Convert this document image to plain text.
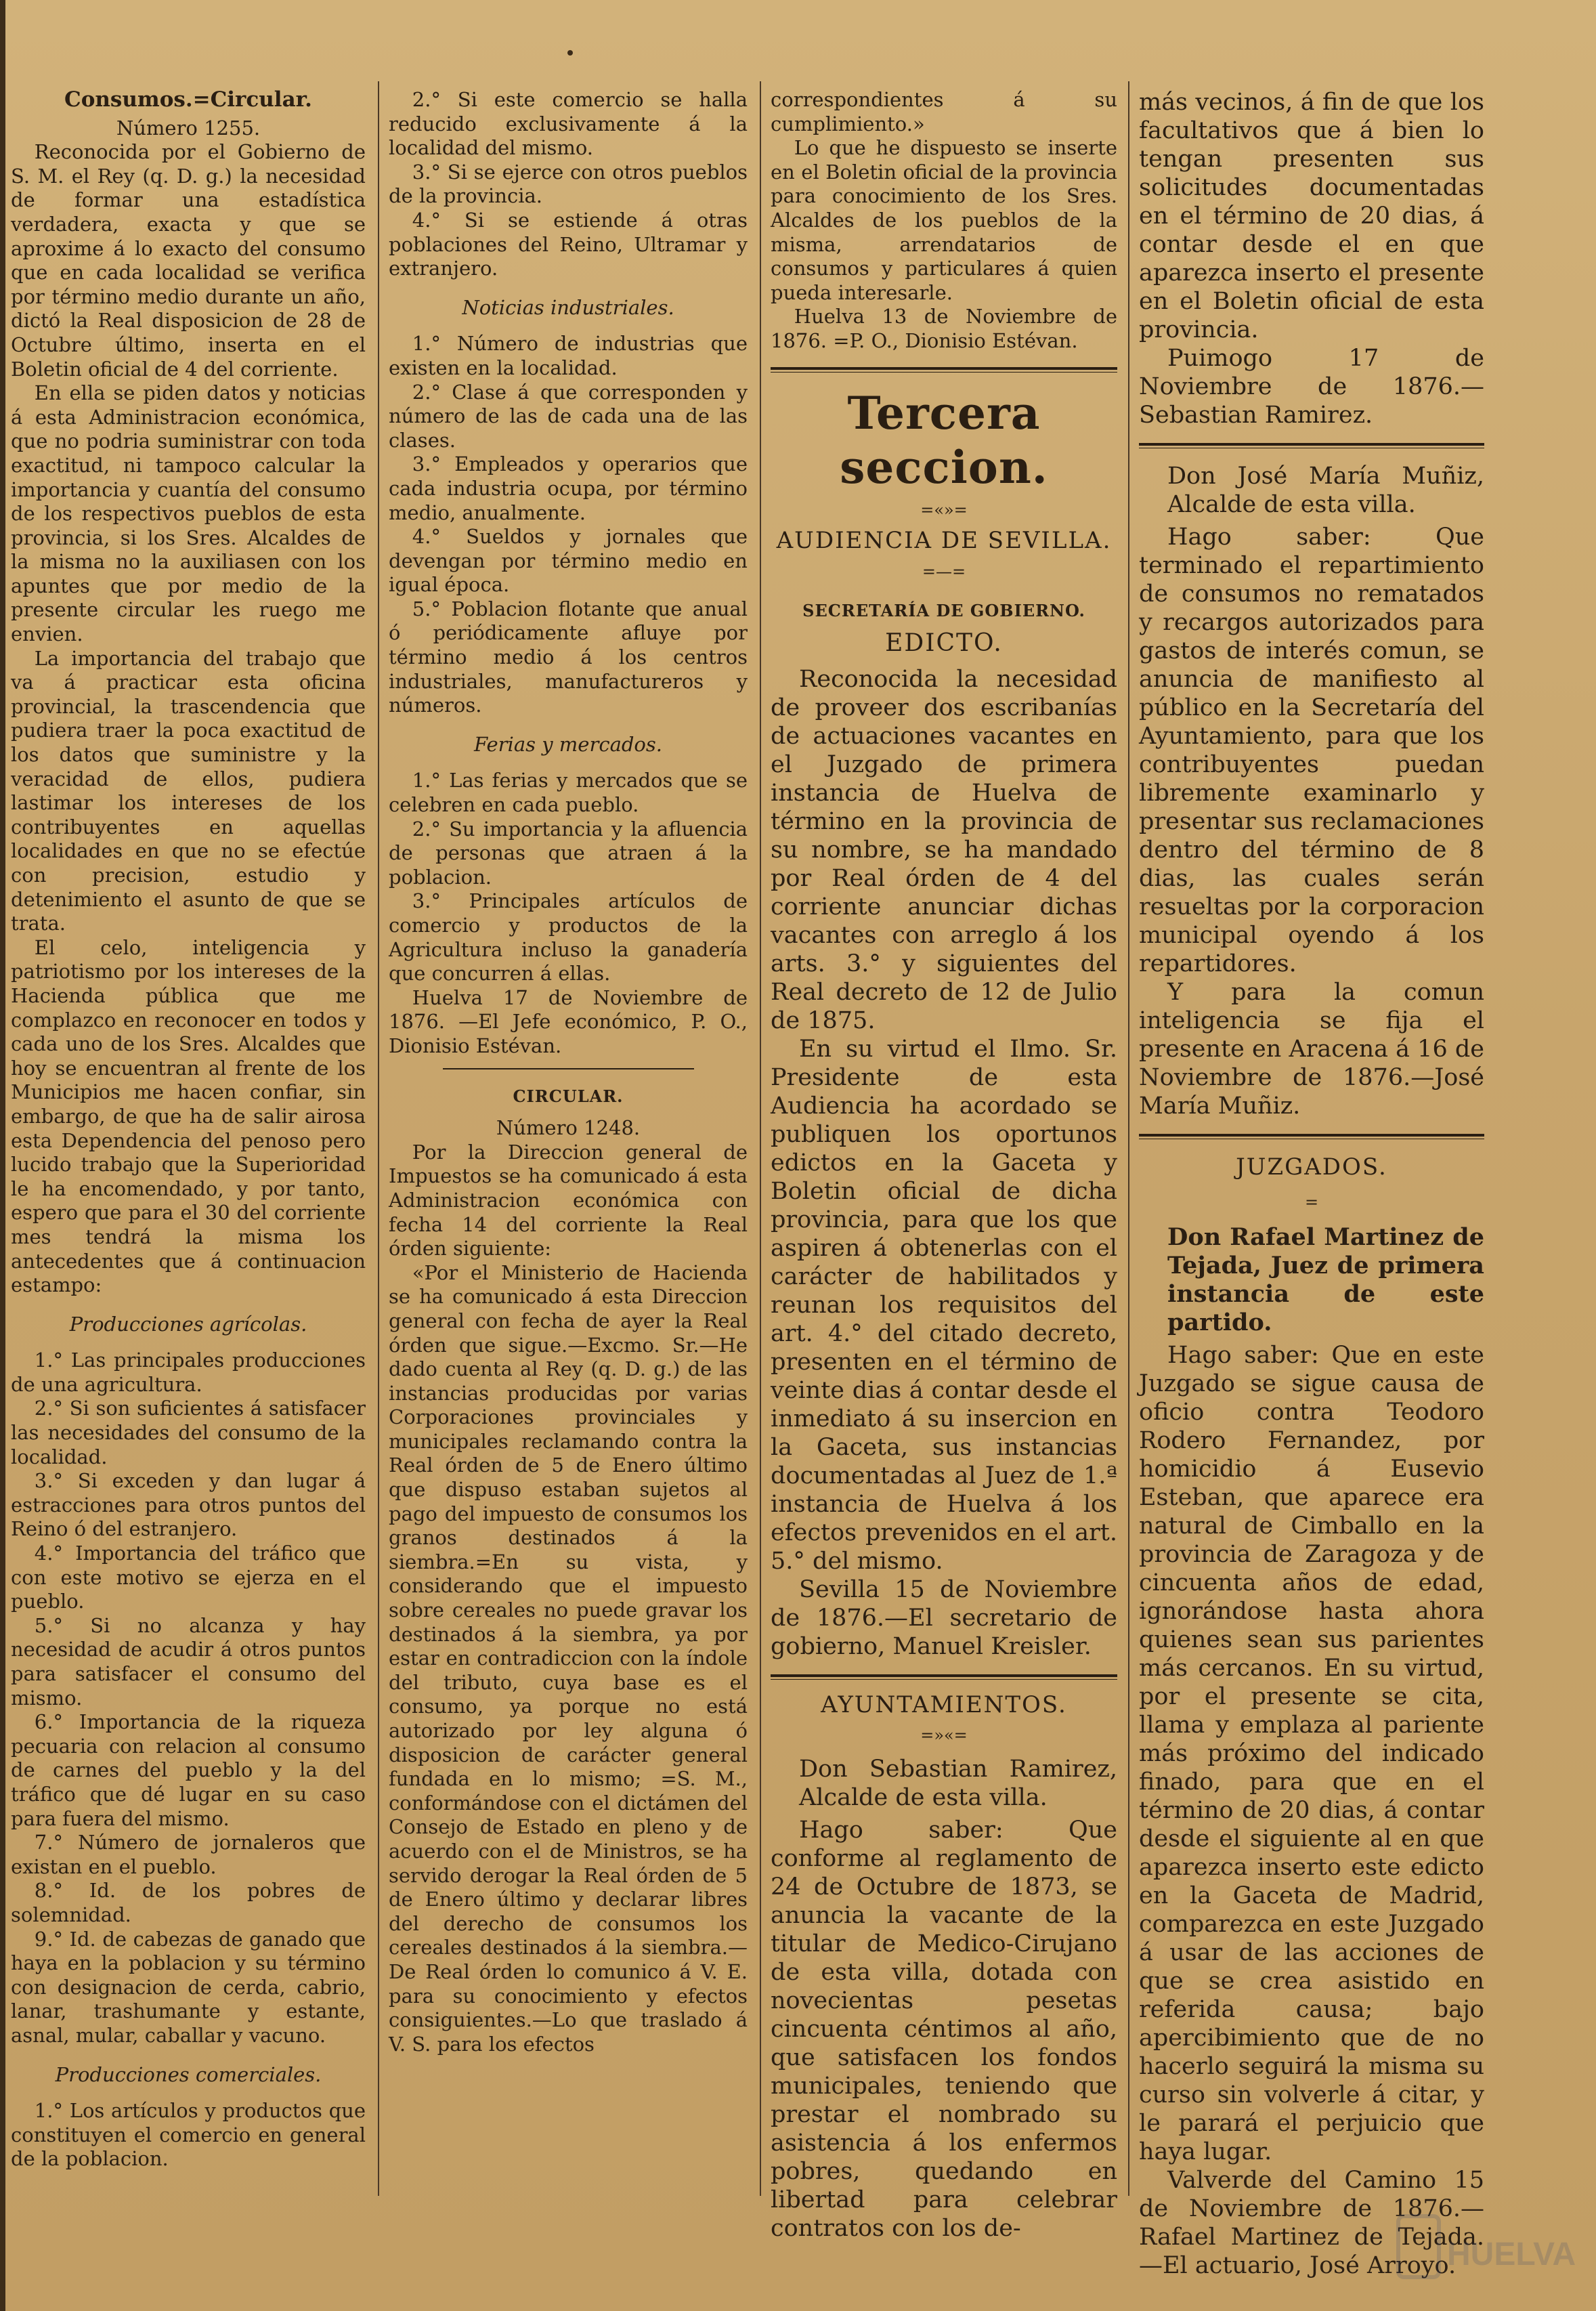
Consumos.=Circular.

Número 1255.

Reconocida por el Gobierno de S. M. el Rey (q. D. g.) la necesidad de formar una estadística verdadera, exacta y que se aproxime á lo exacto del consumo que en cada localidad se verifica por término medio durante un año, dictó la Real disposicion de 28 de Octubre último, inserta en el Boletin oficial de 4 del corriente.

En ella se piden datos y noticias á esta Administracion económica, que no podria suministrar con toda exactitud, ni tampoco calcular la importancia y cuantía del consumo de los respectivos pueblos de esta provincia, si los Sres. Alcaldes de la misma no la auxiliasen con los apuntes que por medio de la presente circular les ruego me envien.

La importancia del trabajo que va á practicar esta oficina provincial, la trascendencia que pudiera traer la poca exactitud de los datos que suministre y la veracidad de ellos, pudiera lastimar los intereses de los contribuyentes en aquellas localidades en que no se efectúe con precision, estudio y detenimiento el asunto de que se trata.

El celo, inteligencia y patriotismo por los intereses de la Hacienda pública que me complazco en reconocer en todos y cada uno de los Sres. Alcaldes que hoy se encuentran al frente de los Municipios me hacen confiar, sin embargo, de que ha de salir airosa esta Dependencia del penoso pero lucido trabajo que la Superioridad le ha encomendado, y por tanto, espero que para el 30 del corriente mes tendrá la misma los antecedentes que á continuacion estampo:

Producciones agrícolas.

1.° Las principales producciones de una agricultura.

2.° Si son suficientes á satisfacer las necesidades del consumo de la localidad.

3.° Si exceden y dan lugar á estracciones para otros puntos del Reino ó del estranjero.

4.° Importancia del tráfico que con este motivo se ejerza en el pueblo.

5.° Si no alcanza y hay necesidad de acudir á otros puntos para satisfacer el consumo del mismo.

6.° Importancia de la riqueza pecuaria con relacion al consumo de carnes del pueblo y la del tráfico que dé lugar en su caso para fuera del mismo.

7.° Número de jornaleros que existan en el pueblo.

8.° Id. de los pobres de solemnidad.

9.° Id. de cabezas de ganado que haya en la poblacion y su término con designacion de cerda, cabrio, lanar, trashumante y estante, asnal, mular, caballar y vacuno.

Producciones comerciales.

1.° Los artículos y productos que constituyen el comercio en general de la poblacion.

2.° Si este comercio se halla reducido exclusivamente á la localidad del mismo.

3.° Si se ejerce con otros pueblos de la provincia.

4.° Si se estiende á otras poblaciones del Reino, Ultramar y extranjero.

Noticias industriales.

1.° Número de industrias que existen en la localidad.

2.° Clase á que corresponden y número de las de cada una de las clases.

3.° Empleados y operarios que cada industria ocupa, por término medio, anualmente.

4.° Sueldos y jornales que devengan por término medio en igual época.

5.° Poblacion flotante que anual ó periódicamente afluye por término medio á los centros industriales, manufactureros y números.

Ferias y mercados.

1.° Las ferias y mercados que se celebren en cada pueblo.

2.° Su importancia y la afluencia de personas que atraen á la poblacion.

3.° Principales artículos de comercio y productos de la Agricultura incluso la ganadería que concurren á ellas.

Huelva 17 de Noviembre de 1876. —El Jefe económico, P. O., Dionisio Estévan.

CIRCULAR.

Número 1248.

Por la Direccion general de Impuestos se ha comunicado á esta Administracion económica con fecha 14 del corriente la Real órden siguiente:

«Por el Ministerio de Hacienda se ha comunicado á esta Direccion general con fecha de ayer la Real órden que sigue.—Excmo. Sr.—He dado cuenta al Rey (q. D. g.) de las instancias producidas por varias Corporaciones provinciales y municipales reclamando contra la Real órden de 5 de Enero último que dispuso estaban sujetos al pago del impuesto de consumos los granos destinados á la siembra.=En su vista, y considerando que el impuesto sobre cereales no puede gravar los destinados á la siembra, ya por estar en contradiccion con la índole del tributo, cuya base es el consumo, ya porque no está autorizado por ley alguna ó disposicion de carácter general fundada en lo mismo; =S. M., conformándose con el dictámen del Consejo de Estado en pleno y de acuerdo con el de Ministros, se ha servido derogar la Real órden de 5 de Enero último y declarar libres del derecho de consumos los cereales destinados á la siembra.—De Real órden lo comunico á V. E. para su conocimiento y efectos consiguientes.—Lo que traslado á V. S. para los efectos

correspondientes á su cumplimiento.»

Lo que he dispuesto se inserte en el Boletin oficial de la provincia para conocimiento de los Sres. Alcaldes de los pueblos de la misma, arrendatarios de consumos y particulares á quien pueda interesarle.

Huelva 13 de Noviembre de 1876. =P. O., Dionisio Estévan.

Tercera seccion.
=«»=
AUDIENCIA DE SEVILLA.
=—=
SECRETARÍA DE GOBIERNO.
EDICTO.

Reconocida la necesidad de proveer dos escribanías de actuaciones vacantes en el Juzgado de primera instancia de Huelva de término en la provincia de su nombre, se ha mandado por Real órden de 4 del corriente anunciar dichas vacantes con arreglo á los arts. 3.° y siguientes del Real decreto de 12 de Julio de 1875.

En su virtud el Ilmo. Sr. Presidente de esta Audiencia ha acordado se publiquen los oportunos edictos en la Gaceta y Boletin oficial de dicha provincia, para que los que aspiren á obtenerlas con el carácter de habilitados y reunan los requisitos del art. 4.° del citado decreto, presenten en el término de veinte dias á contar desde el inmediato á su insercion en la Gaceta, sus instancias documentadas al Juez de 1.ª instancia de Huelva á los efectos prevenidos en el art. 5.° del mismo.

Sevilla 15 de Noviembre de 1876.—El secretario de gobierno, Manuel Kreisler.

AYUNTAMIENTOS.
=»«=

Don Sebastian Ramirez, Alcalde de esta villa.

Hago saber: Que conforme al reglamento de 24 de Octubre de 1873, se anuncia la vacante de la titular de Medico-Cirujano de esta villa, dotada con novecientas pesetas cincuenta céntimos al año, que satisfacen los fondos municipales, teniendo que prestar el nombrado su asistencia á los enfermos pobres, quedando en libertad para celebrar contratos con los de-

más vecinos, á fin de que los facultativos que á bien lo tengan presenten sus solicitudes documentadas en el término de 20 dias, á contar desde el en que aparezca inserto el presente en el Boletin oficial de esta provincia.

Puimogo 17 de Noviembre de 1876.—Sebastian Ramirez.

Don José María Muñiz, Alcalde de esta villa.

Hago saber: Que terminado el repartimiento de consumos no rematados y recargos autorizados para gastos de interés comun, se anuncia de manifiesto al público en la Secretaría del Ayuntamiento, para que los contribuyentes puedan libremente examinarlo y presentar sus reclamaciones dentro del término de 8 dias, las cuales serán resueltas por la corporacion municipal oyendo á los repartidores.

Y para la comun inteligencia se fija el presente en Aracena á 16 de Noviembre de 1876.—José María Muñiz.

JUZGADOS.
=

Don Rafael Martinez de Tejada, Juez de primera instancia de este partido.

Hago saber: Que en este Juzgado se sigue causa de oficio contra Teodoro Rodero Fernandez, por homicidio á Eusevio Esteban, que aparece era natural de Cimballo en la provincia de Zaragoza y de cincuenta años de edad, ignorándose hasta ahora quienes sean sus parientes más cercanos. En su virtud, por el presente se cita, llama y emplaza al pariente más próximo del indicado finado, para que en el término de 20 dias, á contar desde el siguiente al en que aparezca inserto este edicto en la Gaceta de Madrid, comparezca en este Juzgado á usar de las acciones de que se crea asistido en referida causa; bajo apercibimiento que de no hacerlo seguirá la misma su curso sin volverle á citar, y le parará el perjuicio que haya lugar.

Valverde del Camino 15 de Noviembre de 1876.—Rafael Martinez de Tejada.—El actuario, José Arroyo.

HUELVA
